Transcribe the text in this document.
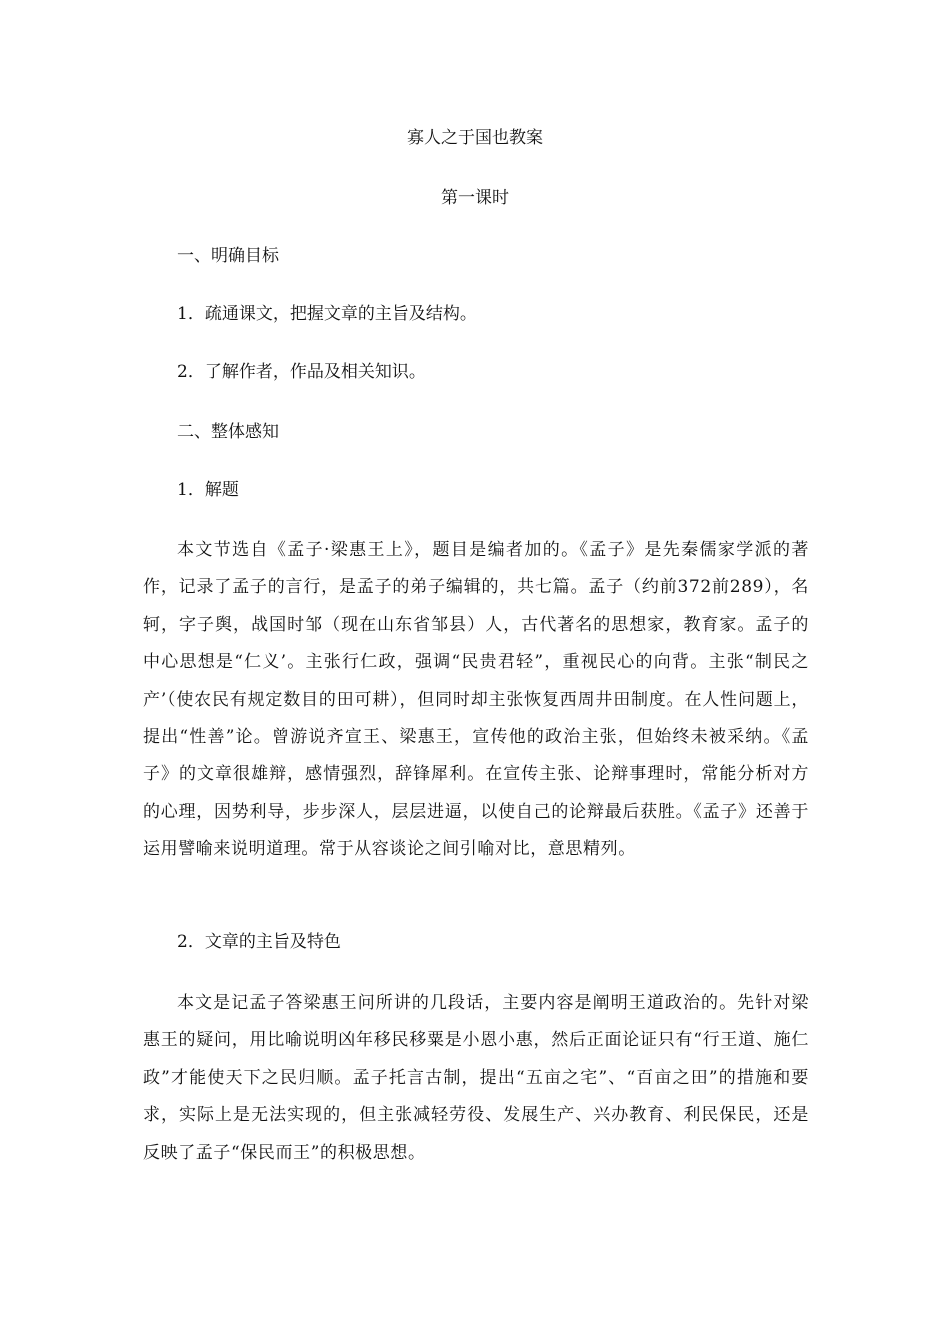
寡人之于国也教案

第一课时

一、明确目标

1．疏通课文，把握文章的主旨及结构。

2．了解作者，作品及相关知识。

二、整体感知

1．解题

本文节选自《孟子·梁惠王上》，题目是编者加的。《孟子》是先秦儒家学派的著作，记录了孟子的言行，是孟子的弟子编辑的，共七篇。孟子（约前372前289），名轲，字子舆，战国时邹（现在山东省邹县）人，古代著名的思想家，教育家。孟子的中心思想是“仁义’。主张行仁政，强调“民贵君轻”，重视民心的向背。主张“制民之产’（使农民有规定数目的田可耕），但同时却主张恢复西周井田制度。在人性问题上，提出“性善”论。曾游说齐宣王、梁惠王，宣传他的政治主张，但始终未被采纳。《孟子》的文章很雄辩，感情强烈，辞锋犀利。在宣传主张、论辩事理时，常能分析对方的心理，因势利导，步步深人，层层进逼，以使自己的论辩最后获胜。《孟子》还善于运用譬喻来说明道理。常于从容谈论之间引喻对比，意思精列。

2．文章的主旨及特色

本文是记孟子答梁惠王问所讲的几段话，主要内容是阐明王道政治的。先针对梁惠王的疑问，用比喻说明凶年移民移粟是小恩小惠，然后正面论证只有“行王道、施仁政”才能使天下之民归顺。孟子托言古制，提出“五亩之宅”、“百亩之田”的措施和要求，实际上是无法实现的，但主张减轻劳役、发展生产、兴办教育、利民保民，还是反映了孟子“保民而王”的积极思想。
